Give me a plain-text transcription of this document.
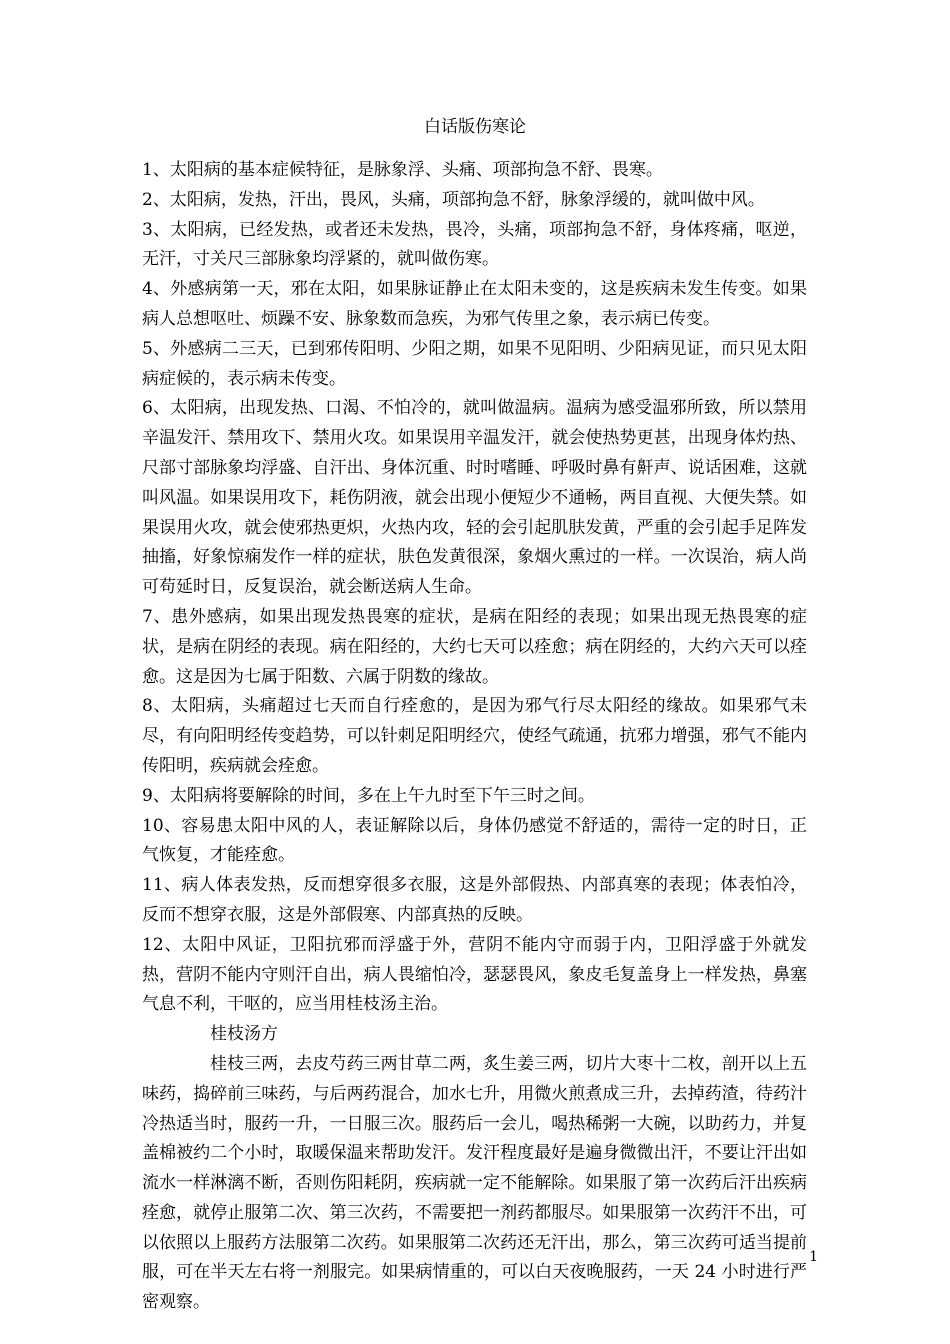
白话版伤寒论

1、太阳病的基本症候特征，是脉象浮、头痛、项部拘急不舒、畏寒。

2、太阳病，发热，汗出，畏风，头痛，项部拘急不舒，脉象浮缓的，就叫做中风。

3、太阳病，已经发热，或者还未发热，畏冷，头痛，项部拘急不舒，身体疼痛，呕逆，无汗，寸关尺三部脉象均浮紧的，就叫做伤寒。

4、外感病第一天，邪在太阳，如果脉证静止在太阳未变的，这是疾病未发生传变。如果病人总想呕吐、烦躁不安、脉象数而急疾，为邪气传里之象，表示病已传变。

5、外感病二三天，已到邪传阳明、少阳之期，如果不见阳明、少阳病见证，而只见太阳病症候的，表示病未传变。

6、太阳病，出现发热、口渴、不怕冷的，就叫做温病。温病为感受温邪所致，所以禁用辛温发汗、禁用攻下、禁用火攻。如果误用辛温发汗，就会使热势更甚，出现身体灼热、尺部寸部脉象均浮盛、自汗出、身体沉重、时时嗜睡、呼吸时鼻有鼾声、说话困难，这就叫风温。如果误用攻下，耗伤阴液，就会出现小便短少不通畅，两目直视、大便失禁。如果误用火攻，就会使邪热更炽，火热内攻，轻的会引起肌肤发黄，严重的会引起手足阵发抽搐，好象惊痫发作一样的症状，肤色发黄很深，象烟火熏过的一样。一次误治，病人尚可苟延时日，反复误治，就会断送病人生命。

7、患外感病，如果出现发热畏寒的症状，是病在阳经的表现；如果出现无热畏寒的症状，是病在阴经的表现。病在阳经的，大约七天可以痊愈；病在阴经的，大约六天可以痊愈。这是因为七属于阳数、六属于阴数的缘故。

8、太阳病，头痛超过七天而自行痊愈的，是因为邪气行尽太阳经的缘故。如果邪气未尽，有向阳明经传变趋势，可以针刺足阳明经穴，使经气疏通，抗邪力增强，邪气不能内传阳明，疾病就会痊愈。

9、太阳病将要解除的时间，多在上午九时至下午三时之间。

10、容易患太阳中风的人，表证解除以后，身体仍感觉不舒适的，需待一定的时日，正气恢复，才能痊愈。

11、病人体表发热，反而想穿很多衣服，这是外部假热、内部真寒的表现；体表怕冷，反而不想穿衣服，这是外部假寒、内部真热的反映。

12、太阳中风证，卫阳抗邪而浮盛于外，营阴不能内守而弱于内，卫阳浮盛于外就发热，营阴不能内守则汗自出，病人畏缩怕冷，瑟瑟畏风，象皮毛复盖身上一样发热，鼻塞气息不利，干呕的，应当用桂枝汤主治。

桂枝汤方

桂枝三两，去皮芍药三两甘草二两，炙生姜三两，切片大枣十二枚，剖开以上五味药，捣碎前三味药，与后两药混合，加水七升，用微火煎煮成三升，去掉药渣，待药汁冷热适当时，服药一升，一日服三次。服药后一会儿，喝热稀粥一大碗，以助药力，并复盖棉被约二个小时，取暖保温来帮助发汗。发汗程度最好是遍身微微出汗，不要让汗出如流水一样淋漓不断，否则伤阳耗阴，疾病就一定不能解除。如果服了第一次药后汗出疾病痊愈，就停止服第二次、第三次药，不需要把一剂药都服尽。如果服第一次药汗不出，可以依照以上服药方法服第二次药。如果服第二次药还无汗出，那么，第三次药可适当提前服，可在半天左右将一剂服完。如果病情重的，可以白天夜晚服药，一天 24 小时进行严密观察。

1
